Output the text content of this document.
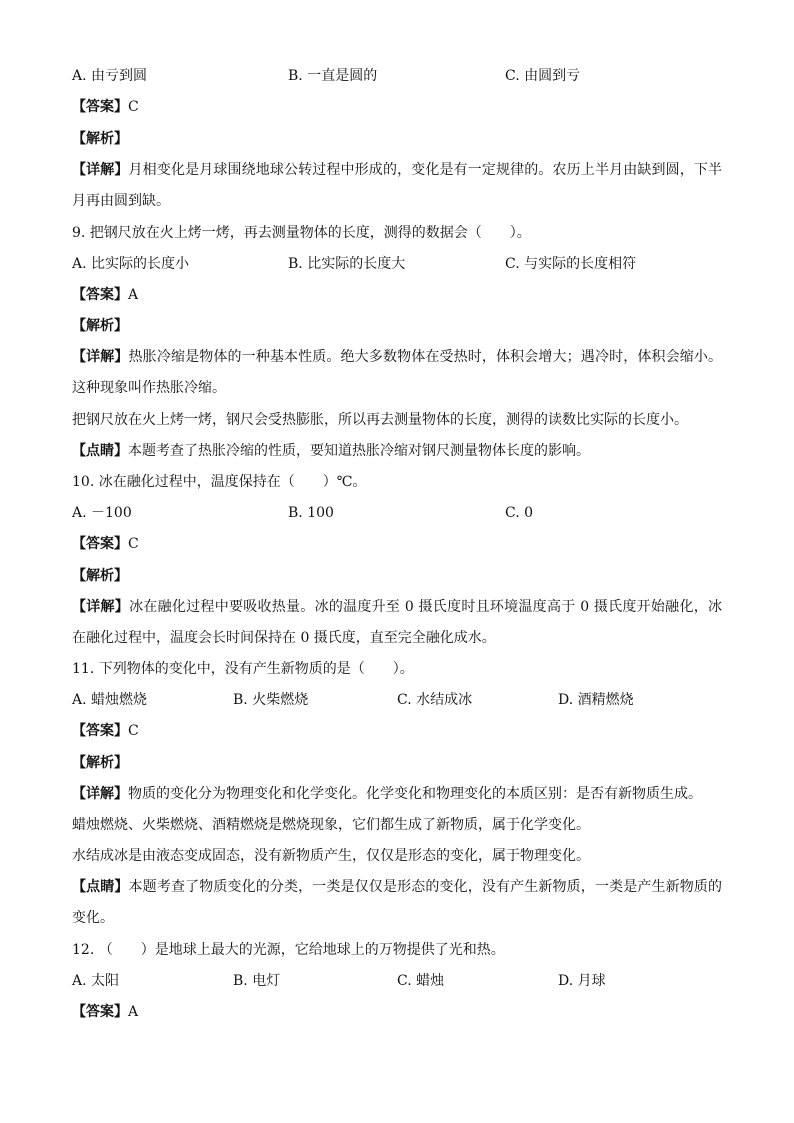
A. 由亏到圆	B. 一直是圆的	C. 由圆到亏
【答案】C
【解析】
【详解】月相变化是月球围绕地球公转过程中形成的，变化是有一定规律的。农历上半月由缺到圆，下半月再由圆到缺。
9. 把钢尺放在火上烤一烤，再去测量物体的长度，测得的数据会（　　）。
A. 比实际的长度小	B. 比实际的长度大	C. 与实际的长度相符
【答案】A
【解析】
【详解】热胀冷缩是物体的一种基本性质。绝大多数物体在受热时，体积会增大；遇冷时，体积会缩小。这种现象叫作热胀冷缩。
把钢尺放在火上烤一烤，钢尺会受热膨胀，所以再去测量物体的长度，测得的读数比实际的长度小。
【点睛】本题考查了热胀冷缩的性质，要知道热胀冷缩对钢尺测量物体长度的影响。
10. 冰在融化过程中，温度保持在（　　）℃。
A. －100	B. 100	C. 0
【答案】C
【解析】
【详解】冰在融化过程中要吸收热量。冰的温度升至 0 摄氏度时且环境温度高于 0 摄氏度开始融化，冰在融化过程中，温度会长时间保持在 0 摄氏度，直至完全融化成水。
11. 下列物体的变化中，没有产生新物质的是（　　）。
A. 蜡烛燃烧	B. 火柴燃烧	C. 水结成冰	D. 酒精燃烧
【答案】C
【解析】
【详解】物质的变化分为物理变化和化学变化。化学变化和物理变化的本质区别：是否有新物质生成。
蜡烛燃烧、火柴燃烧、酒精燃烧是燃烧现象，它们都生成了新物质，属于化学变化。
水结成冰是由液态变成固态，没有新物质产生，仅仅是形态的变化，属于物理变化。
【点睛】本题考查了物质变化的分类，一类是仅仅是形态的变化，没有产生新物质，一类是产生新物质的变化。
12. （　　）是地球上最大的光源，它给地球上的万物提供了光和热。
A. 太阳	B. 电灯	C. 蜡烛	D. 月球
【答案】A
